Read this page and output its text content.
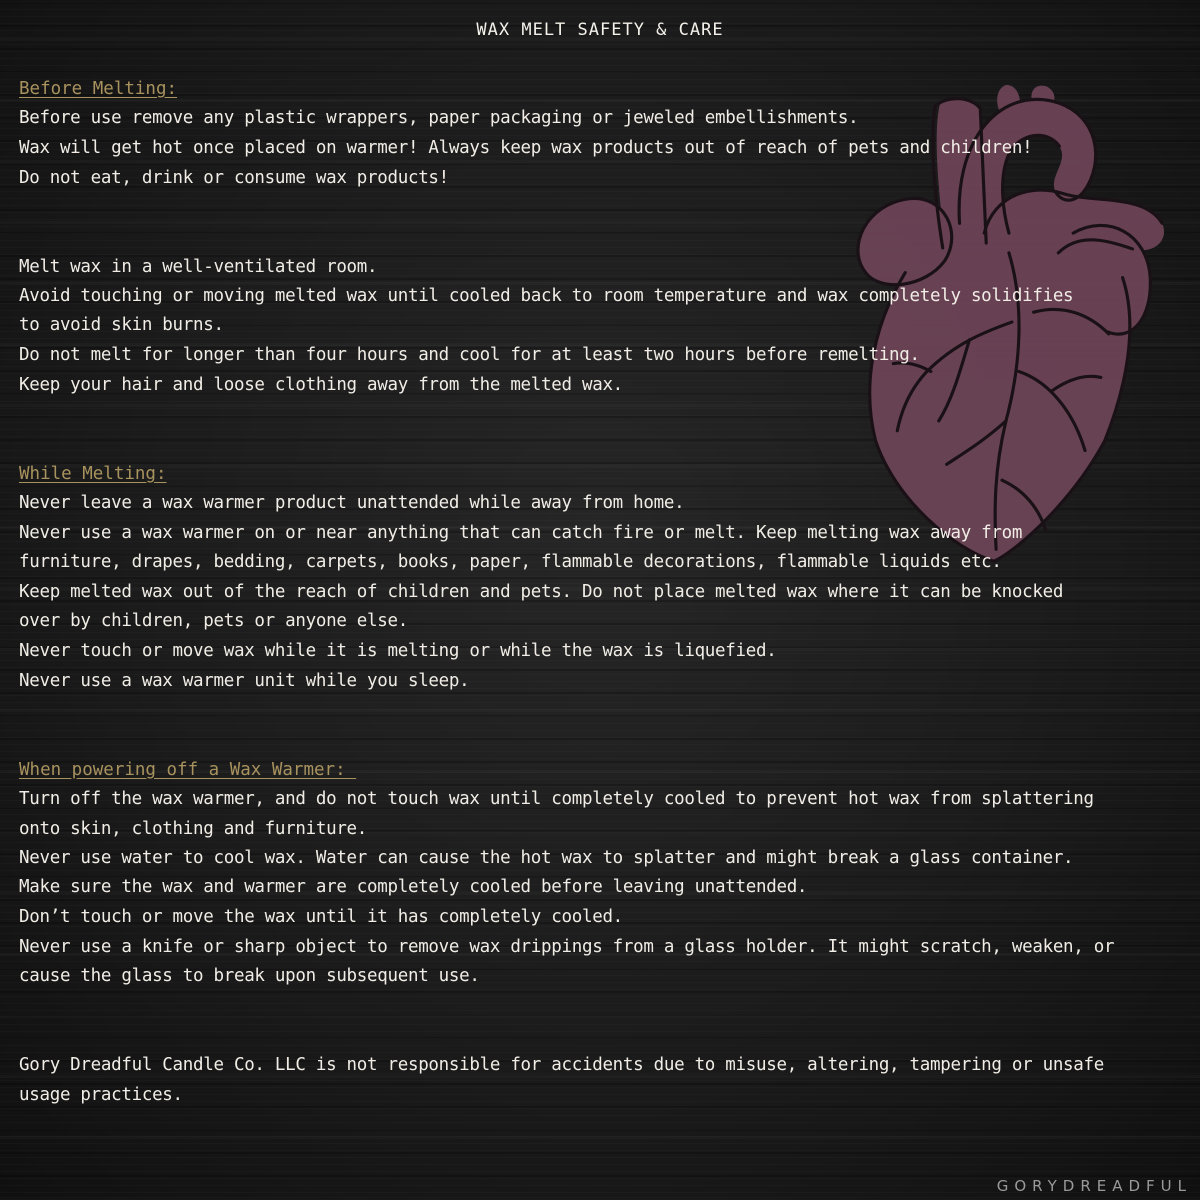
WAX MELT SAFETY & CARE
Before Melting:
Before use remove any plastic wrappers, paper packaging or jeweled embellishments.
Wax will get hot once placed on warmer! Always keep wax products out of reach of pets and children!
Do not eat, drink or consume wax products!
Melt wax in a well-ventilated room.
Avoid touching or moving melted wax until cooled back to room temperature and wax completely solidifies
to avoid skin burns.
Do not melt for longer than four hours and cool for at least two hours before remelting.
Keep your hair and loose clothing away from the melted wax.
While Melting:
Never leave a wax warmer product unattended while away from home.
Never use a wax warmer on or near anything that can catch fire or melt. Keep melting wax away from
furniture, drapes, bedding, carpets, books, paper, flammable decorations, flammable liquids etc.
Keep melted wax out of the reach of children and pets. Do not place melted wax where it can be knocked
over by children, pets or anyone else.
Never touch or move wax while it is melting or while the wax is liquefied.
Never use a wax warmer unit while you sleep.
When powering off a Wax Warmer:
Turn off the wax warmer, and do not touch wax until completely cooled to prevent hot wax from splattering
onto skin, clothing and furniture.
Never use water to cool wax. Water can cause the hot wax to splatter and might break a glass container.
Make sure the wax and warmer are completely cooled before leaving unattended.
Don’t touch or move the wax until it has completely cooled.
Never use a knife or sharp object to remove wax drippings from a glass holder. It might scratch, weaken, or
cause the glass to break upon subsequent use.
Gory Dreadful Candle Co. LLC is not responsible for accidents due to misuse, altering, tampering or unsafe
usage practices.
GORYDREADFUL
